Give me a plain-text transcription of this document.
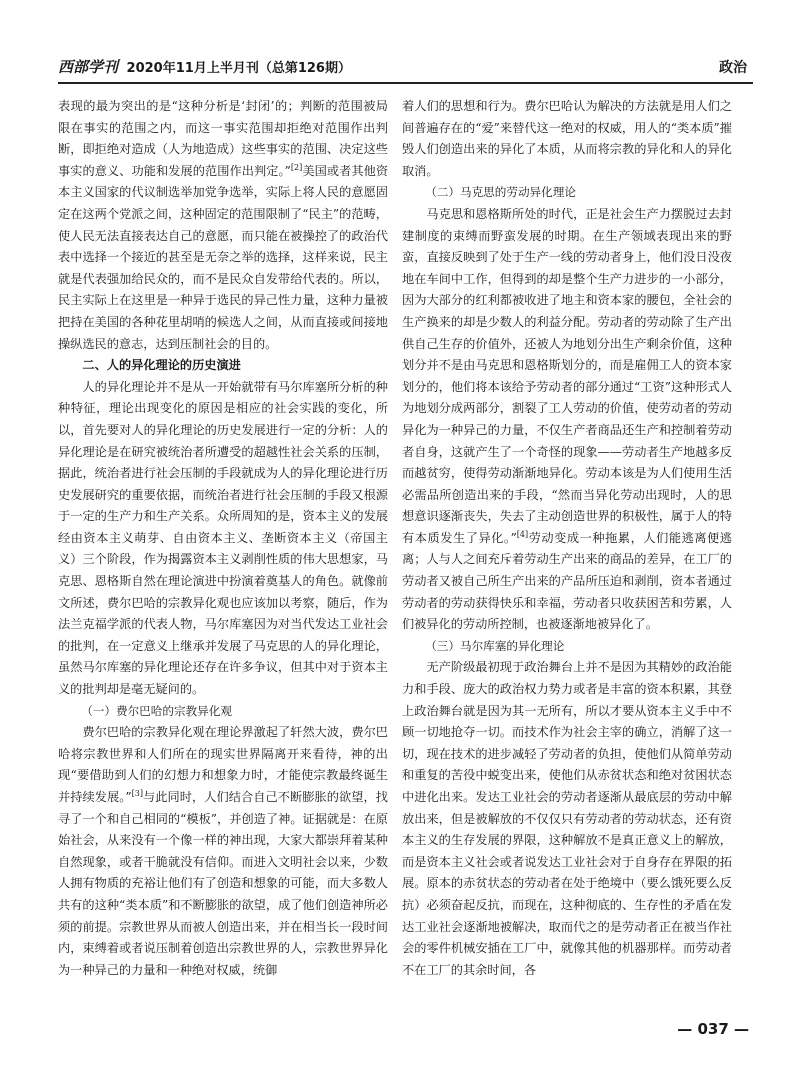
西部学刊 2020年11月上半月刊（总第126期）	政治

表现的最为突出的是“这种分析是‘封闭’的；判断的范围被局限在事实的范围之内，而这一事实范围却拒绝对范围作出判断，即拒绝对造成（人为地造成）这些事实的范围、决定这些事实的意义、功能和发展的范围作出判定。”[2]美国或者其他资本主义国家的代议制选举加党争选举，实际上将人民的意愿固定在这两个党派之间，这种固定的范围限制了“民主”的范畴，使人民无法直接表达自己的意愿，而只能在被操控了的政治代表中选择一个接近的甚至是无奈之举的选择，这样来说，民主就是代表强加给民众的，而不是民众自发带给代表的。所以，民主实际上在这里是一种异于选民的异己性力量，这种力量被把持在美国的各种花里胡哨的候选人之间，从而直接或间接地操纵选民的意志，达到压制社会的目的。

二、人的异化理论的历史演进

人的异化理论并不是从一开始就带有马尔库塞所分析的种种特征，理论出现变化的原因是相应的社会实践的变化，所以，首先要对人的异化理论的历史发展进行一定的分析：人的异化理论是在研究被统治者所遭受的超越性社会关系的压制，据此，统治者进行社会压制的手段就成为人的异化理论进行历史发展研究的重要依据，而统治者进行社会压制的手段又根源于一定的生产力和生产关系。众所周知的是，资本主义的发展经由资本主义萌芽、自由资本主义、垄断资本主义（帝国主义）三个阶段，作为揭露资本主义剥削性质的伟大思想家，马克思、恩格斯自然在理论演进中扮演着奠基人的角色。就像前文所述，费尔巴哈的宗教异化观也应该加以考察，随后，作为法兰克福学派的代表人物，马尔库塞因为对当代发达工业社会的批判，在一定意义上继承并发展了马克思的人的异化理论，虽然马尔库塞的异化理论还存在许多争议，但其中对于资本主义的批判却是毫无疑问的。

（一）费尔巴哈的宗教异化观

费尔巴哈的宗教异化观在理论界激起了轩然大波，费尔巴哈将宗教世界和人们所在的现实世界隔离开来看待，神的出现“要借助到人们的幻想力和想象力时，才能使宗教最终诞生并持续发展。”[3]与此同时，人们结合自己不断膨胀的欲望，找寻了一个和自己相同的“模板”，并创造了神。证据就是：在原始社会，从来没有一个像一样的神出现，大家大都崇拜着某种自然现象，或者干脆就没有信仰。而进入文明社会以来，少数人拥有物质的充裕让他们有了创造和想象的可能，而大多数人共有的这种“类本质”和不断膨胀的欲望，成了他们创造神所必须的前提。宗教世界从而被人创造出来，并在相当长一段时间内，束缚着或者说压制着创造出宗教世界的人，宗教世界异化为一种异己的力量和一种绝对权威，统御

着人们的思想和行为。费尔巴哈认为解决的方法就是用人们之间普遍存在的“爱”来替代这一绝对的权威，用人的“类本质”摧毁人们创造出来的异化了本质，从而将宗教的异化和人的异化取消。

（二）马克思的劳动异化理论

马克思和恩格斯所处的时代，正是社会生产力摆脱过去封建制度的束缚而野蛮发展的时期。在生产领域表现出来的野蛮，直接反映到了处于生产一线的劳动者身上，他们没日没夜地在车间中工作，但得到的却是整个生产力进步的一小部分，因为大部分的红利都被收进了地主和资本家的腰包，全社会的生产换来的却是少数人的利益分配。劳动者的劳动除了生产出供自己生存的价值外，还被人为地划分出生产剩余价值，这种划分并不是由马克思和恩格斯划分的，而是雇佣工人的资本家划分的，他们将本该给予劳动者的部分通过“工资”这种形式人为地划分成两部分，割裂了工人劳动的价值，使劳动者的劳动异化为一种异己的力量，不仅生产者商品还生产和控制着劳动者自身，这就产生了一个奇怪的现象——劳动者生产地越多反而越贫穷，使得劳动渐渐地异化。劳动本该是为人们使用生活必需品所创造出来的手段，“然而当异化劳动出现时，人的思想意识逐渐丧失，失去了主动创造世界的积极性，属于人的特有本质发生了异化。”[4]劳动变成一种拖累，人们能逃离便逃离；人与人之间充斥着劳动生产出来的商品的差异，在工厂的劳动者又被自己所生产出来的产品所压迫和剥削，资本者通过劳动者的劳动获得快乐和幸福，劳动者只收获困苦和劳累，人们被异化的劳动所控制，也被逐渐地被异化了。

（三）马尔库塞的异化理论

无产阶级最初现于政治舞台上并不是因为其精妙的政治能力和手段、庞大的政治权力势力或者是丰富的资本积累，其登上政治舞台就是因为其一无所有，所以才要从资本主义手中不顾一切地抢夺一切。而技术作为社会主宰的确立，消解了这一切，现在技术的进步减轻了劳动者的负担，使他们从简单劳动和重复的苦役中蜕变出来，使他们从赤贫状态和绝对贫困状态中进化出来。发达工业社会的劳动者逐渐从最底层的劳动中解放出来，但是被解放的不仅仅只有劳动者的劳动状态，还有资本主义的生存发展的界限，这种解放不是真正意义上的解放，而是资本主义社会或者说发达工业社会对于自身存在界限的拓展。原本的赤贫状态的劳动者在处于绝境中（要么饿死要么反抗）必须奋起反抗，而现在，这种彻底的、生存性的矛盾在发达工业社会逐渐地被解决，取而代之的是劳动者正在被当作社会的零件机械安插在工厂中，就像其他的机器那样。而劳动者不在工厂的其余时间，各

— 037 —
